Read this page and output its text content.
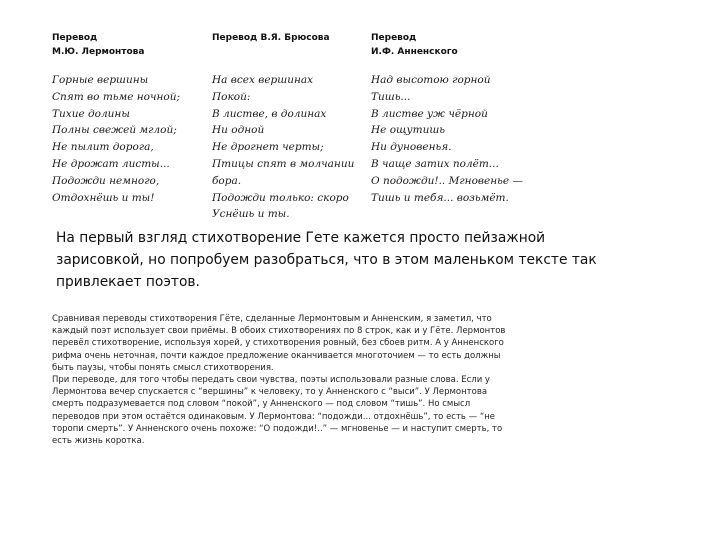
Перевод
М.Ю. Лермонтова
Перевод В.Я. Брюсова	Перевод
И.Ф. Анненского
Горные вершины
Спят во тьме ночной;
Тихие долины
Полны свежей мглой;
Не пылит дорога,
Не дрожат листы...
Подожди немного,
Отдохнёшь и ты!
На всех вершинах
Покой:
В листве, в долинах
Ни одной
Не дрогнет черты;
Птицы спят в молчании
бора.
Подожди только: скоро
Уснёшь и ты.
Над высотою горной
Тишь...
В листве уж чёрной
Не ощутишь
Ни дуновенья.
В чаще затих полёт...
О подожди!.. Мгновенье —
Тишь и тебя... возьмёт.
На первый взгляд стихотворение Гете кажется просто пейзажной
зарисовкой, но попробуем разобраться, что в этом маленьком тексте так
привлекает поэтов.
Сравнивая переводы стихотворения Гёте, сделанные Лермонтовым и Анненским, я заметил, что
каждый поэт использует свои приёмы. В обоих стихотворениях по 8 строк, как и у Гёте. Лермонтов
перевёл стихотворение, используя хорей, у стихотворения ровный, без сбоев ритм. А у Анненского
рифма очень неточная, почти каждое предложение оканчивается многоточием — то есть должны
быть паузы, чтобы понять смысл стихотворения.
При переводе, для того чтобы передать свои чувства, поэты использовали разные слова. Если у
Лермонтова вечер спускается с “вершины” к человеку, то у Анненского с “выси”. У Лермонтова
смерть подразумевается под словом “покой”, у Анненского — под словом “тишь”. Но смысл
переводов при этом остаётся одинаковым. У Лермонтова: “подожди... отдохнёшь”, то есть — “не
торопи смерть”. У Анненского очень похоже: “О подожди!..” — мгновенье — и наступит смерть, то
есть жизнь коротка.
